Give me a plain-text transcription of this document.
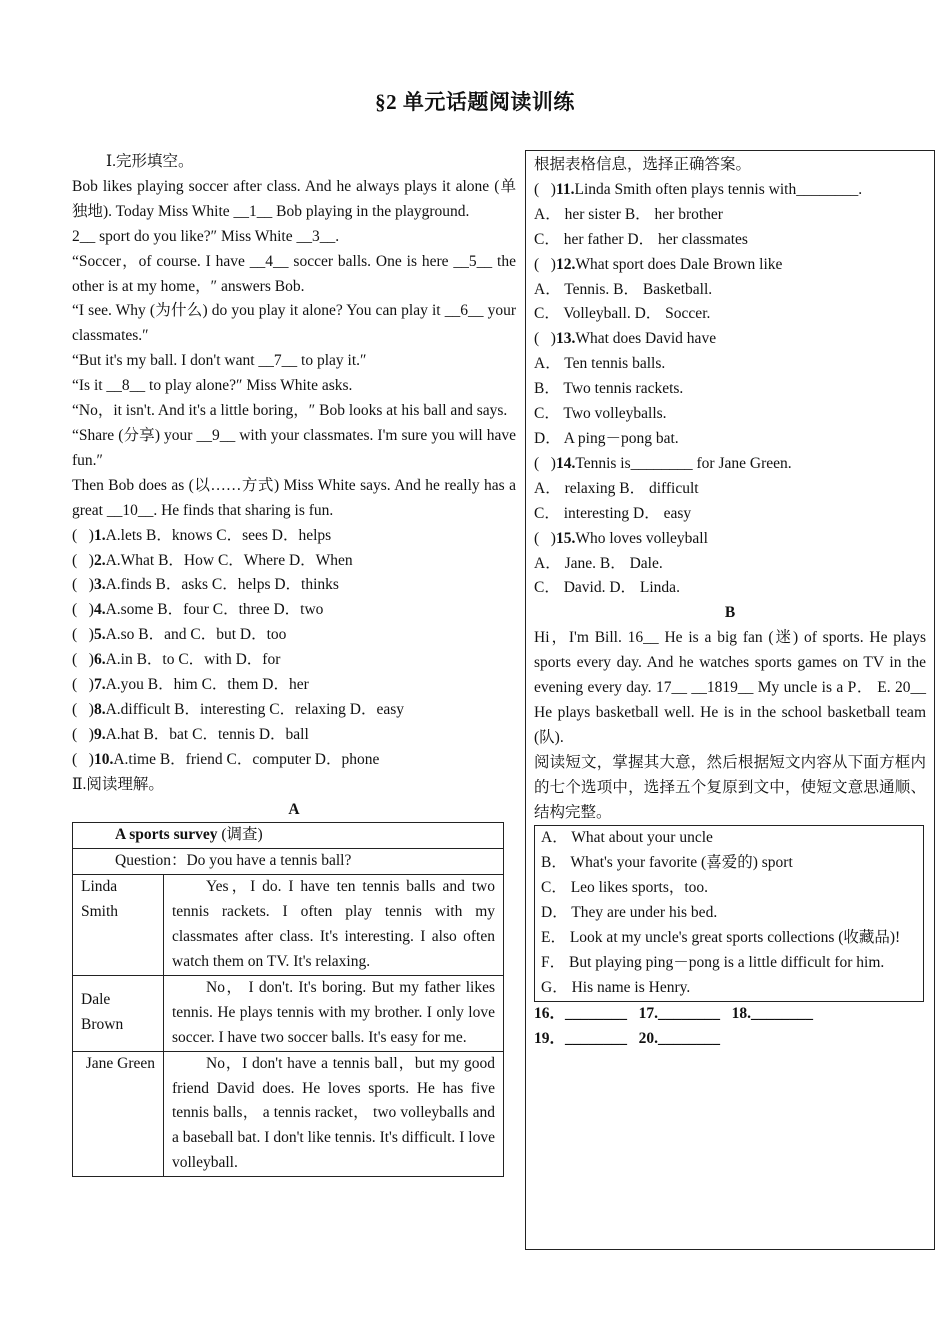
§2 单元话题阅读训练

Ⅰ.完形填空。

Bob likes playing soccer after class. And he always plays it alone (单独地). Today Miss White __1__ Bob playing in the playground.

2__ sport do you like?″ Miss White __3__.

“Soccer，of course. I have __4__ soccer balls. One is here __5__ the other is at my home，″ answers Bob.

“I see. Why (为什么) do you play it alone? You can play it __6__ your classmates.″

“But it's my ball. I don't want __7__ to play it.″

“Is it __8__ to play alone?″ Miss White asks.

“No，it isn't. And it's a little boring，″ Bob looks at his ball and says.

“Share (分享) your __9__ with your classmates. I'm sure you will have fun.″

Then Bob does as (以……方式) Miss White says. And he really has a great __10__. He finds that sharing is fun.

(   )1.A.lets B．knows C．sees D．helps

(   )2.A.What B．How C．Where D．When

(   )3.A.finds B．asks C．helps D．thinks

(   )4.A.some B．four C．three D．two

(   )5.A.so B．and C．but D．too

(   )6.A.in B．to C．with D．for

(   )7.A.you B．him C．them D．her

(   )8.A.difficult B．interesting C．relaxing D．easy

(   )9.A.hat B．bat C．tennis D．ball

(   )10.A.time B．friend C．computer D．phone

Ⅱ.阅读理解。

A

A sports survey (调查)	
Question：Do you have a tennis ball?	
Linda Smith	Yes，I do. I have ten tennis balls and two tennis rackets. I often play tennis with my classmates after class. It's interesting. I also often watch them on TV. It's relaxing.
Dale Brown	No， I don't. It's boring. But my father likes tennis. He plays tennis with my brother. I only love soccer. I have two soccer balls. It's easy for me.
Jane Green	No，I don't have a tennis ball，but my good friend David does. He loves sports. He has five tennis balls， a tennis racket， two volleyballs and a baseball bat. I don't like tennis. It's difficult. I love volleyball.

根据表格信息，选择正确答案。

(   )11.Linda Smith often plays tennis with________.

A． her sister B． her brother

C． her father D． her classmates

(   )12.What sport does Dale Brown like

A． Tennis. B． Basketball.

C． Volleyball. D． Soccer.

(   )13.What does David have

A． Ten tennis balls.

B． Two tennis rackets.

C． Two volleyballs.

D． A ping－pong bat.

(   )14.Tennis is________ for Jane Green.

A． relaxing B． difficult

C． interesting D． easy

(   )15.Who loves volleyball

A． Jane. B． Dale.

C． David. D． Linda.

B

Hi，I'm Bill. 16__ He is a big fan (迷) of sports. He plays sports every day. And he watches sports games on TV in the evening every day. 17__ __1819__ My uncle is a P． E. 20__ He plays basketball well. He is in the school basketball team (队).

阅读短文，掌握其大意，然后根据短文内容从下面方框内的七个选项中，选择五个复原到文中，使短文意思通顺、结构完整。

A． What about your uncle

B． What's your favorite (喜爱的) sport

C． Leo likes sports，too.

D． They are under his bed.

E． Look at my uncle's great sports collections (收藏品)!

F． But playing ping－pong is a little difficult for him.

G． His name is Henry.

16．________   17.________   18.________

19．________   20.________
